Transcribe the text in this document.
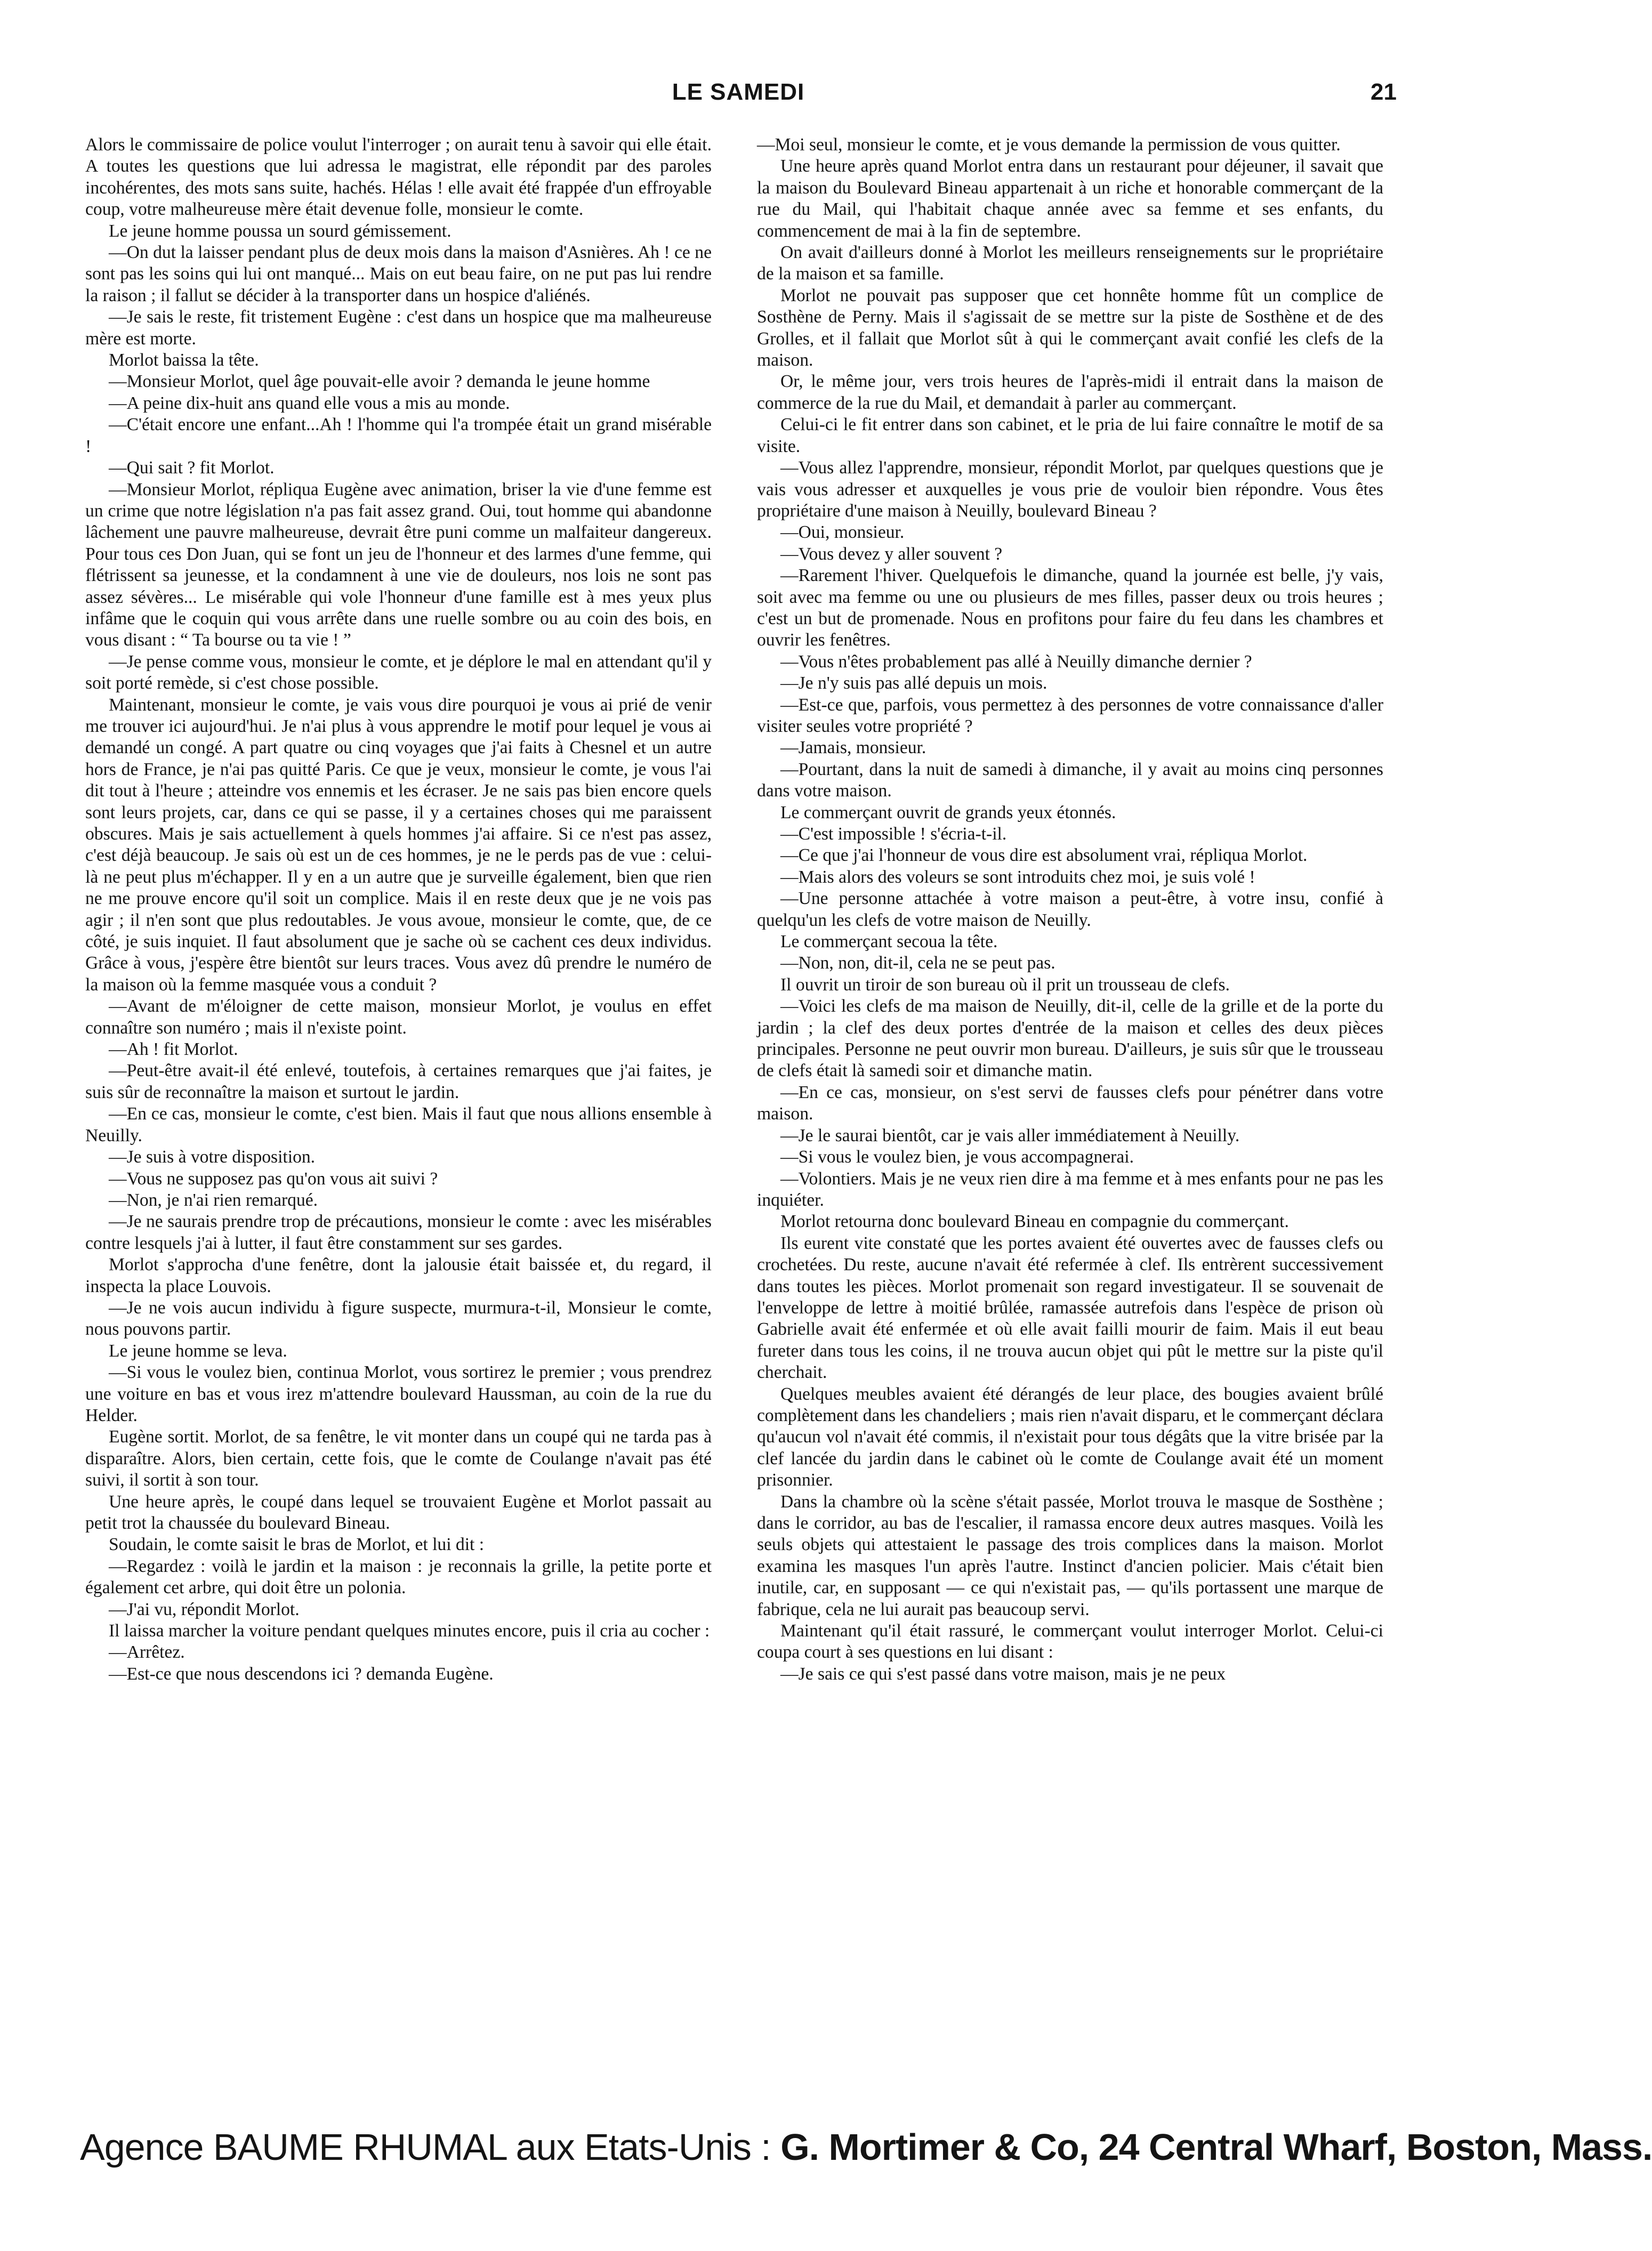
LE SAMEDI	21

Alors le commissaire de police voulut l'interroger ; on aurait tenu à savoir qui elle était. A toutes les questions que lui adressa le magistrat, elle répondit par des paroles incohérentes, des mots sans suite, hachés. Hélas ! elle avait été frappée d'un effroyable coup, votre malheureuse mère était devenue folle, monsieur le comte.

Le jeune homme poussa un sourd gémissement.

—On dut la laisser pendant plus de deux mois dans la maison d'Asnières. Ah ! ce ne sont pas les soins qui lui ont manqué... Mais on eut beau faire, on ne put pas lui rendre la raison ; il fallut se décider à la transporter dans un hospice d'aliénés.

—Je sais le reste, fit tristement Eugène : c'est dans un hospice que ma malheureuse mère est morte.

Morlot baissa la tête.

—Monsieur Morlot, quel âge pouvait-elle avoir ? demanda le jeune homme

—A peine dix-huit ans quand elle vous a mis au monde.

—C'était encore une enfant...Ah ! l'homme qui l'a trompée était un grand misérable !

—Qui sait ? fit Morlot.

—Monsieur Morlot, répliqua Eugène avec animation, briser la vie d'une femme est un crime que notre législation n'a pas fait assez grand. Oui, tout homme qui abandonne lâchement une pauvre malheureuse, devrait être puni comme un malfaiteur dangereux. Pour tous ces Don Juan, qui se font un jeu de l'honneur et des larmes d'une femme, qui flétrissent sa jeunesse, et la condamnent à une vie de douleurs, nos lois ne sont pas assez sévères... Le misérable qui vole l'honneur d'une famille est à mes yeux plus infâme que le coquin qui vous arrête dans une ruelle sombre ou au coin des bois, en vous disant : “ Ta bourse ou ta vie ! ”

—Je pense comme vous, monsieur le comte, et je déplore le mal en attendant qu'il y soit porté remède, si c'est chose possible.

Maintenant, monsieur le comte, je vais vous dire pourquoi je vous ai prié de venir me trouver ici aujourd'hui. Je n'ai plus à vous apprendre le motif pour lequel je vous ai demandé un congé. A part quatre ou cinq voyages que j'ai faits à Chesnel et un autre hors de France, je n'ai pas quitté Paris. Ce que je veux, monsieur le comte, je vous l'ai dit tout à l'heure ; atteindre vos ennemis et les écraser. Je ne sais pas bien encore quels sont leurs projets, car, dans ce qui se passe, il y a certaines choses qui me paraissent obscures. Mais je sais actuellement à quels hommes j'ai affaire. Si ce n'est pas assez, c'est déjà beaucoup. Je sais où est un de ces hommes, je ne le perds pas de vue : celui-là ne peut plus m'échapper. Il y en a un autre que je surveille également, bien que rien ne me prouve encore qu'il soit un complice. Mais il en reste deux que je ne vois pas agir ; il n'en sont que plus redoutables. Je vous avoue, monsieur le comte, que, de ce côté, je suis inquiet. Il faut absolument que je sache où se cachent ces deux individus. Grâce à vous, j'espère être bientôt sur leurs traces. Vous avez dû prendre le numéro de la maison où la femme masquée vous a conduit ?

—Avant de m'éloigner de cette maison, monsieur Morlot, je voulus en effet connaître son numéro ; mais il n'existe point.

—Ah ! fit Morlot.

—Peut-être avait-il été enlevé, toutefois, à certaines remarques que j'ai faites, je suis sûr de reconnaître la maison et surtout le jardin.

—En ce cas, monsieur le comte, c'est bien. Mais il faut que nous allions ensemble à Neuilly.

—Je suis à votre disposition.

—Vous ne supposez pas qu'on vous ait suivi ?

—Non, je n'ai rien remarqué.

—Je ne saurais prendre trop de précautions, monsieur le comte : avec les misérables contre lesquels j'ai à lutter, il faut être constamment sur ses gardes.

Morlot s'approcha d'une fenêtre, dont la jalousie était baissée et, du regard, il inspecta la place Louvois.

—Je ne vois aucun individu à figure suspecte, murmura-t-il, Monsieur le comte, nous pouvons partir.

Le jeune homme se leva.

—Si vous le voulez bien, continua Morlot, vous sortirez le premier ; vous prendrez une voiture en bas et vous irez m'attendre boulevard Haussman, au coin de la rue du Helder.

Eugène sortit. Morlot, de sa fenêtre, le vit monter dans un coupé qui ne tarda pas à disparaître. Alors, bien certain, cette fois, que le comte de Coulange n'avait pas été suivi, il sortit à son tour.

Une heure après, le coupé dans lequel se trouvaient Eugène et Morlot passait au petit trot la chaussée du boulevard Bineau.

Soudain, le comte saisit le bras de Morlot, et lui dit :

—Regardez : voilà le jardin et la maison : je reconnais la grille, la petite porte et également cet arbre, qui doit être un polonia.

—J'ai vu, répondit Morlot.

Il laissa marcher la voiture pendant quelques minutes encore, puis il cria au cocher :

—Arrêtez.

—Est-ce que nous descendons ici ? demanda Eugène.

—Moi seul, monsieur le comte, et je vous demande la permission de vous quitter.

Une heure après quand Morlot entra dans un restaurant pour déjeuner, il savait que la maison du Boulevard Bineau appartenait à un riche et honorable commerçant de la rue du Mail, qui l'habitait chaque année avec sa femme et ses enfants, du commencement de mai à la fin de septembre.

On avait d'ailleurs donné à Morlot les meilleurs renseignements sur le propriétaire de la maison et sa famille.

Morlot ne pouvait pas supposer que cet honnête homme fût un complice de Sosthène de Perny. Mais il s'agissait de se mettre sur la piste de Sosthène et de des Grolles, et il fallait que Morlot sût à qui le commerçant avait confié les clefs de la maison.

Or, le même jour, vers trois heures de l'après-midi il entrait dans la maison de commerce de la rue du Mail, et demandait à parler au commerçant.

Celui-ci le fit entrer dans son cabinet, et le pria de lui faire connaître le motif de sa visite.

—Vous allez l'apprendre, monsieur, répondit Morlot, par quelques questions que je vais vous adresser et auxquelles je vous prie de vouloir bien répondre. Vous êtes propriétaire d'une maison à Neuilly, boulevard Bineau ?

—Oui, monsieur.

—Vous devez y aller souvent ?

—Rarement l'hiver. Quelquefois le dimanche, quand la journée est belle, j'y vais, soit avec ma femme ou une ou plusieurs de mes filles, passer deux ou trois heures ; c'est un but de promenade. Nous en profitons pour faire du feu dans les chambres et ouvrir les fenêtres.

—Vous n'êtes probablement pas allé à Neuilly dimanche dernier ?

—Je n'y suis pas allé depuis un mois.

—Est-ce que, parfois, vous permettez à des personnes de votre connaissance d'aller visiter seules votre propriété ?

—Jamais, monsieur.

—Pourtant, dans la nuit de samedi à dimanche, il y avait au moins cinq personnes dans votre maison.

Le commerçant ouvrit de grands yeux étonnés.

—C'est impossible ! s'écria-t-il.

—Ce que j'ai l'honneur de vous dire est absolument vrai, répliqua Morlot.

—Mais alors des voleurs se sont introduits chez moi, je suis volé !

—Une personne attachée à votre maison a peut-être, à votre insu, confié à quelqu'un les clefs de votre maison de Neuilly.

Le commerçant secoua la tête.

—Non, non, dit-il, cela ne se peut pas.

Il ouvrit un tiroir de son bureau où il prit un trousseau de clefs.

—Voici les clefs de ma maison de Neuilly, dit-il, celle de la grille et de la porte du jardin ; la clef des deux portes d'entrée de la maison et celles des deux pièces principales. Personne ne peut ouvrir mon bureau. D'ailleurs, je suis sûr que le trousseau de clefs était là samedi soir et dimanche matin.

—En ce cas, monsieur, on s'est servi de fausses clefs pour pénétrer dans votre maison.

—Je le saurai bientôt, car je vais aller immédiatement à Neuilly.

—Si vous le voulez bien, je vous accompagnerai.

—Volontiers. Mais je ne veux rien dire à ma femme et à mes enfants pour ne pas les inquiéter.

Morlot retourna donc boulevard Bineau en compagnie du commerçant.

Ils eurent vite constaté que les portes avaient été ouvertes avec de fausses clefs ou crochetées. Du reste, aucune n'avait été refermée à clef. Ils entrèrent successivement dans toutes les pièces. Morlot promenait son regard investigateur. Il se souvenait de l'enveloppe de lettre à moitié brûlée, ramassée autrefois dans l'espèce de prison où Gabrielle avait été enfermée et où elle avait failli mourir de faim. Mais il eut beau fureter dans tous les coins, il ne trouva aucun objet qui pût le mettre sur la piste qu'il cherchait.

Quelques meubles avaient été dérangés de leur place, des bougies avaient brûlé complètement dans les chandeliers ; mais rien n'avait disparu, et le commerçant déclara qu'aucun vol n'avait été commis, il n'existait pour tous dégâts que la vitre brisée par la clef lancée du jardin dans le cabinet où le comte de Coulange avait été un moment prisonnier.

Dans la chambre où la scène s'était passée, Morlot trouva le masque de Sosthène ; dans le corridor, au bas de l'escalier, il ramassa encore deux autres masques. Voilà les seuls objets qui attestaient le passage des trois complices dans la maison. Morlot examina les masques l'un après l'autre. Instinct d'ancien policier. Mais c'était bien inutile, car, en supposant — ce qui n'existait pas, — qu'ils portassent une marque de fabrique, cela ne lui aurait pas beaucoup servi.

Maintenant qu'il était rassuré, le commerçant voulut interroger Morlot. Celui-ci coupa court à ses questions en lui disant :

—Je sais ce qui s'est passé dans votre maison, mais je ne peux

Agence BAUME RHUMAL aux Etats-Unis : G. Mortimer & Co, 24 Central Wharf, Boston, Mass.
